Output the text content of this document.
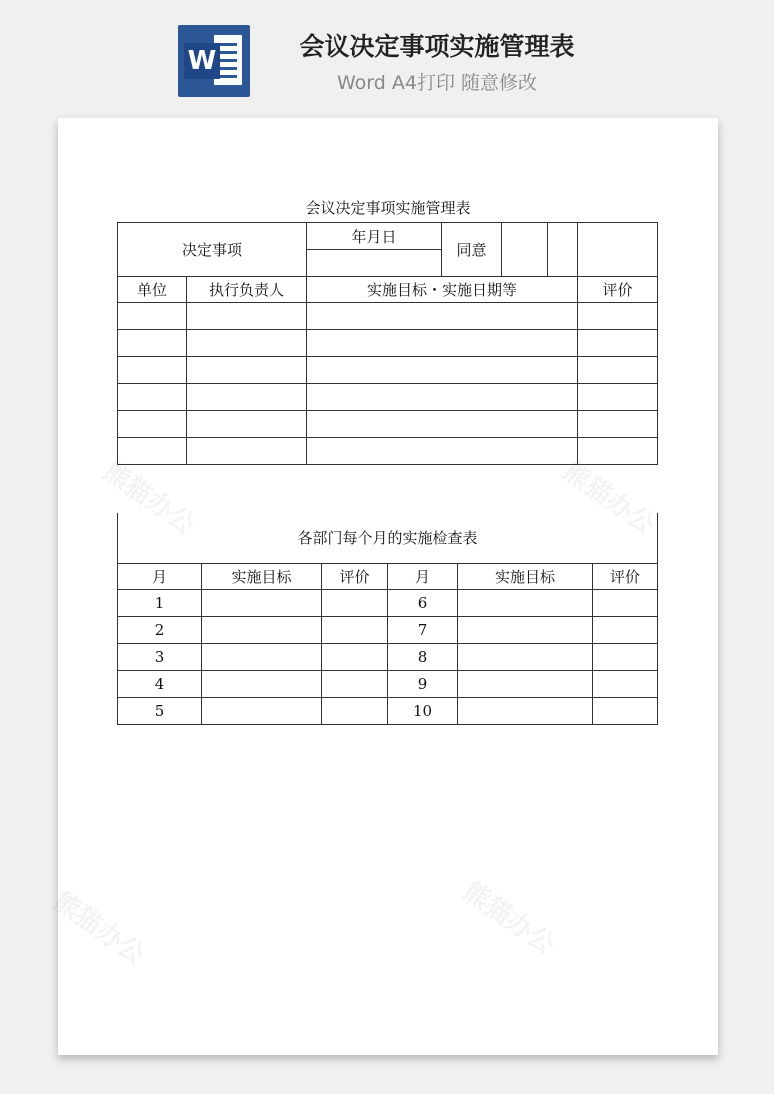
W	会议决定事项实施管理表
Word A4打印 随意修改
熊猫办公	熊猫办公
熊猫办公	熊猫办公
会议决定事项实施管理表
决定事项		年月日	同意			

单位	执行负责人	实施目标・实施日期等				评价

各部门每个月的实施检查表					
月	实施目标	评价	月	实施目标	评价
1			6		
2			7		
3			8		
4			9		
5			10		
